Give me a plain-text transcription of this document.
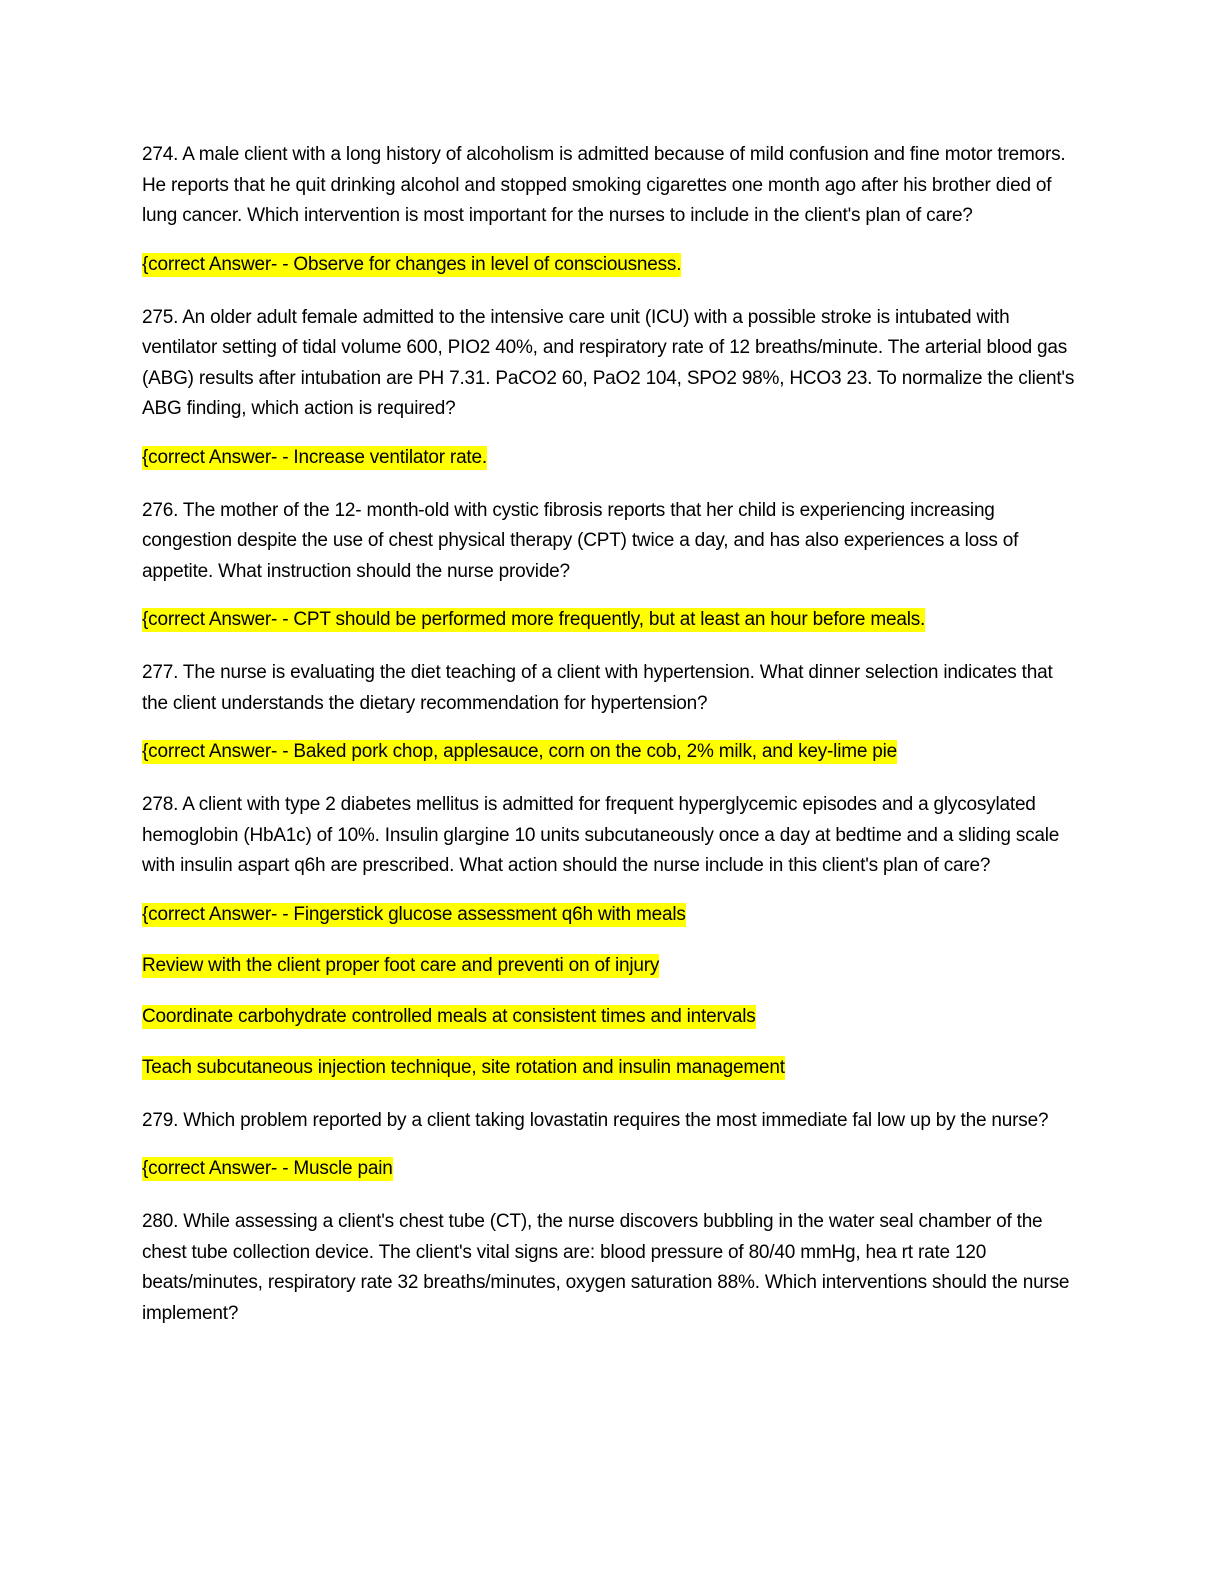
274. A male client with a long history of alcoholism is admitted because of mild confusion and fine motor tremors. He reports that he quit drinking alcohol and stopped smoking cigarettes one month ago after his brother died of lung cancer. Which intervention is most important for the nurses to include in the client's plan of care?

{correct Answer- - Observe for changes in level of consciousness.

275. An older adult female admitted to the intensive care unit (ICU) with a possible stroke is intubated with ventilator setting of tidal volume 600, PIO2 40%, and respiratory rate of 12 breaths/minute. The arterial blood gas (ABG) results after intubation are PH 7.31. PaCO2 60, PaO2 104, SPO2 98%, HCO3 23. To normalize the client's ABG finding, which action is required?

{correct Answer- - Increase ventilator rate.

276. The mother of the 12- month-old with cystic fibrosis reports that her child is experiencing increasing congestion despite the use of chest physical therapy (CPT) twice a day, and has also experiences a loss of appetite. What instruction should the nurse provide?

{correct Answer- - CPT should be performed more frequently, but at least an hour before meals.

277. The nurse is evaluating the diet teaching of a client with hypertension. What dinner selection indicates that the client understands the dietary recommendation for hypertension?

{correct Answer- - Baked pork chop, applesauce, corn on the cob, 2% milk, and key-lime pie

278. A client with type 2 diabetes mellitus is admitted for frequent hyperglycemic episodes and a glycosylated hemoglobin (HbA1c) of 10%. Insulin glargine 10 units subcutaneously once a day at bedtime and a sliding scale with insulin aspart q6h are prescribed. What action should the nurse include in this client's plan of care?

{correct Answer- - Fingerstick glucose assessment q6h with meals

Review with the client proper foot care and preventi on of injury

Coordinate carbohydrate controlled meals at consistent times and intervals

Teach subcutaneous injection technique, site rotation and insulin management

279. Which problem reported by a client taking lovastatin requires the most immediate fal low up by the nurse?

{correct Answer- - Muscle pain

280. While assessing a client's chest tube (CT), the nurse discovers bubbling in the water seal chamber of the chest tube collection device. The client's vital signs are: blood pressure of 80/40 mmHg, hea rt rate 120 beats/minutes, respiratory rate 32 breaths/minutes, oxygen saturation 88%. Which interventions should the nurse implement?
